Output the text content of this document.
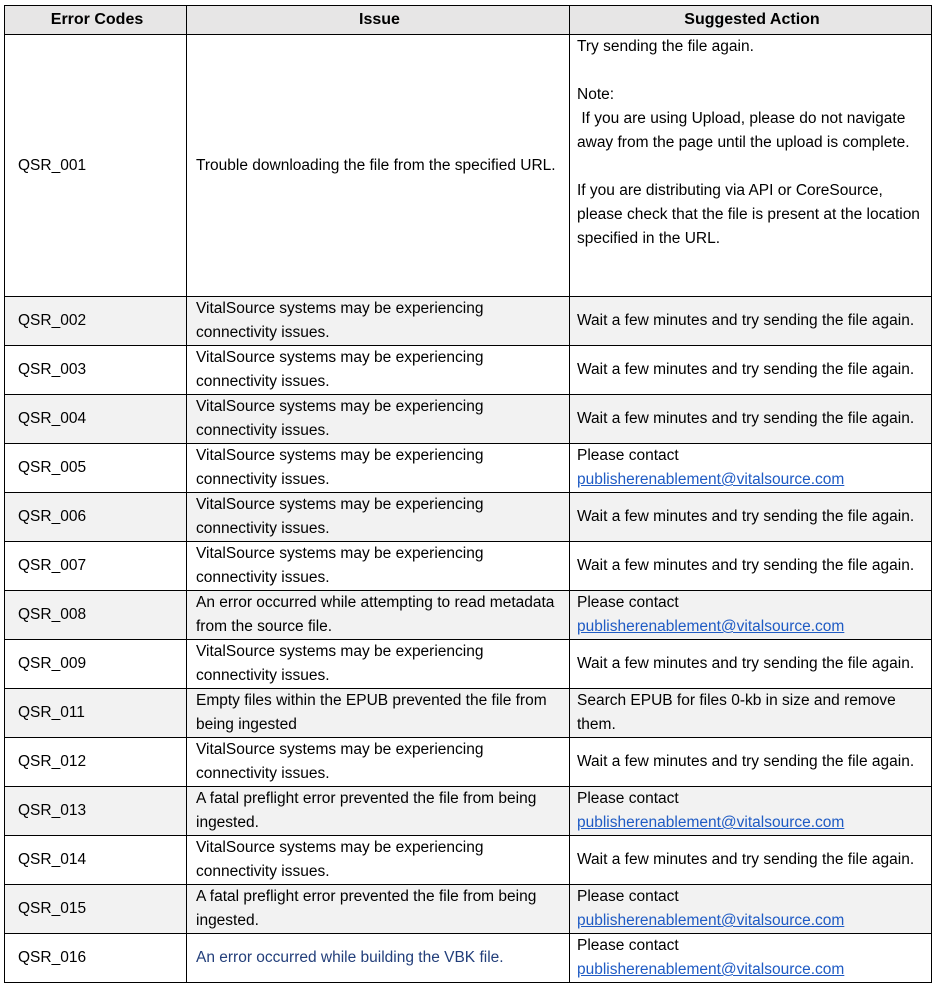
Error Codes	Issue	Suggested Action
QSR_001	Trouble downloading the file from the specified URL.	Try sending the file again.
Note:
If you are using Upload, please do not navigate away from the page until the upload is complete.
If you are distributing via API or CoreSource, please check that the file is present at the location specified in the URL.

QSR_002	VitalSource systems may be experiencing connectivity issues.	Wait a few minutes and try sending the file again.

QSR_003	VitalSource systems may be experiencing connectivity issues.	Wait a few minutes and try sending the file again.

QSR_004	VitalSource systems may be experiencing connectivity issues.	Wait a few minutes and try sending the file again.

QSR_005	VitalSource systems may be experiencing connectivity issues.	Please contact
publisherenablement@vitalsource.com

QSR_006	VitalSource systems may be experiencing connectivity issues.	Wait a few minutes and try sending the file again.

QSR_007	VitalSource systems may be experiencing connectivity issues.	Wait a few minutes and try sending the file again.

QSR_008	An error occurred while attempting to read metadata from the source file.	Please contact
publisherenablement@vitalsource.com

QSR_009	VitalSource systems may be experiencing connectivity issues.	Wait a few minutes and try sending the file again.

QSR_011	Empty files within the EPUB prevented the file from being ingested	Search EPUB for files 0-kb in size and remove them.

QSR_012	VitalSource systems may be experiencing connectivity issues.	Wait a few minutes and try sending the file again.

QSR_013	A fatal preflight error prevented the file from being ingested.	Please contact
publisherenablement@vitalsource.com

QSR_014	VitalSource systems may be experiencing connectivity issues.	Wait a few minutes and try sending the file again.

QSR_015	A fatal preflight error prevented the file from being ingested.	Please contact
publisherenablement@vitalsource.com

QSR_016	An error occurred while building the VBK file.	Please contact
publisherenablement@vitalsource.com
